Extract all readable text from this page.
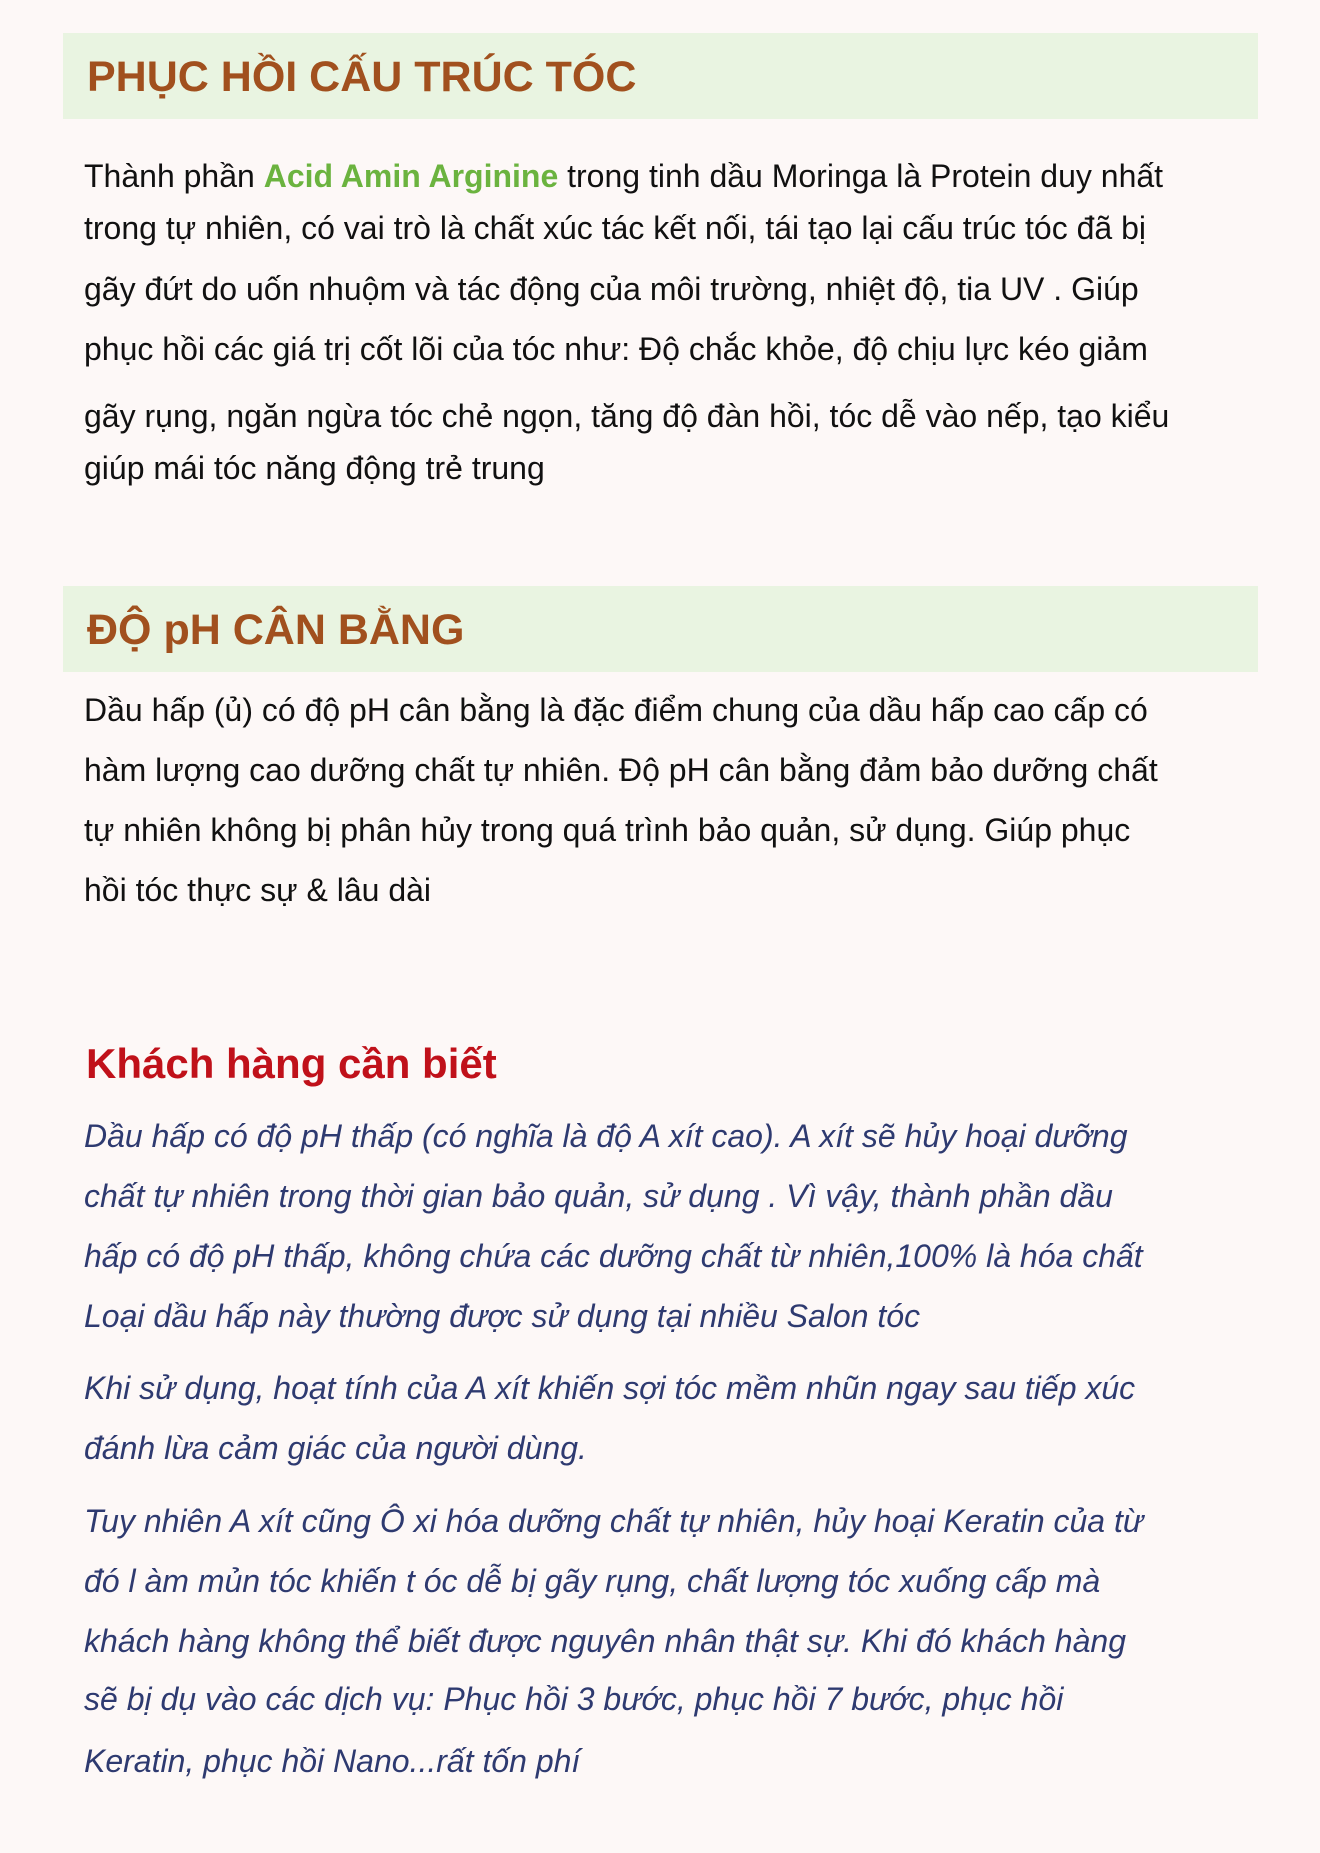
PHỤC HỒI CẤU TRÚC TÓC
Thành phần Acid Amin Arginine trong tinh dầu Moringa là Protein duy nhất
trong tự nhiên, có vai trò là chất xúc tác kết nối, tái tạo lại cấu trúc tóc đã bị
gãy đứt do uốn nhuộm và tác động của môi trường, nhiệt độ, tia UV . Giúp
phục hồi các giá trị cốt lõi của tóc như: Độ chắc khỏe, độ chịu lực kéo giảm
gãy rụng, ngăn ngừa tóc chẻ ngọn, tăng độ đàn hồi, tóc dễ vào nếp, tạo kiểu
giúp mái tóc năng động trẻ trung
ĐỘ pH CÂN BẰNG
Dầu hấp (ủ) có độ pH cân bằng là đặc điểm chung của dầu hấp cao cấp có
hàm lượng cao dưỡng chất tự nhiên. Độ pH cân bằng đảm bảo dưỡng chất
tự nhiên không bị phân hủy trong quá trình bảo quản, sử dụng. Giúp phục
hồi tóc thực sự & lâu dài
Khách hàng cần biết
Dầu hấp có độ pH thấp (có nghĩa là độ A xít cao). A xít sẽ hủy hoại dưỡng
chất tự nhiên trong thời gian bảo quản, sử dụng . Vì vậy, thành phần dầu
hấp có độ pH thấp, không chứa các dưỡng chất từ nhiên,100% là hóa chất
Loại dầu hấp này thường được sử dụng tại nhiều Salon tóc
Khi sử dụng, hoạt tính của A xít khiến sợi tóc mềm nhũn ngay sau tiếp xúc
đánh lừa cảm giác của người dùng.
Tuy nhiên A xít cũng Ô xi hóa dưỡng chất tự nhiên, hủy hoại Keratin của từ
đó l àm mủn tóc khiến t óc dễ bị gãy rụng, chất lượng tóc xuống cấp mà
khách hàng không thể biết được nguyên nhân thật sự. Khi đó khách hàng
sẽ bị dụ vào các dịch vụ: Phục hồi 3 bước, phục hồi 7 bước, phục hồi
Keratin, phục hồi Nano...rất tốn phí
